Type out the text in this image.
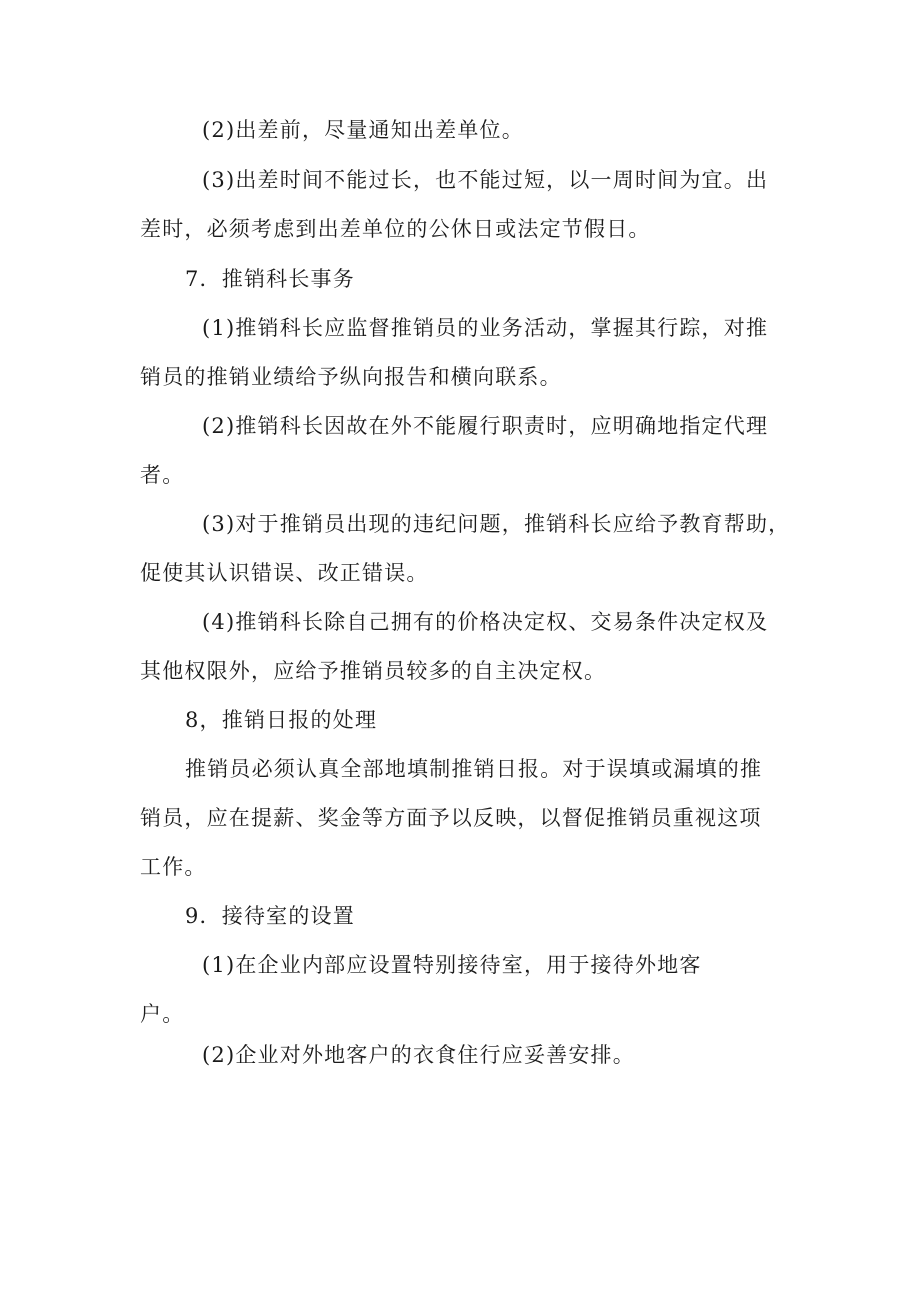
(2)出差前，尽量通知出差单位。
(3)出差时间不能过长，也不能过短，以一周时间为宜。出
差时，必须考虑到出差单位的公休日或法定节假日。
7．推销科长事务
(1)推销科长应监督推销员的业务活动，掌握其行踪，对推
销员的推销业绩给予纵向报告和横向联系。
(2)推销科长因故在外不能履行职责时，应明确地指定代理
者。
(3)对于推销员出现的违纪问题，推销科长应给予教育帮助，
促使其认识错误、改正错误。
(4)推销科长除自己拥有的价格决定权、交易条件决定权及
其他权限外，应给予推销员较多的自主决定权。
8，推销日报的处理
推销员必须认真全部地填制推销日报。对于误填或漏填的推
销员，应在提薪、奖金等方面予以反映，以督促推销员重视这项
工作。
9．接待室的设置
(1)在企业内部应设置特别接待室，用于接待外地客
户。
(2)企业对外地客户的衣食住行应妥善安排。
